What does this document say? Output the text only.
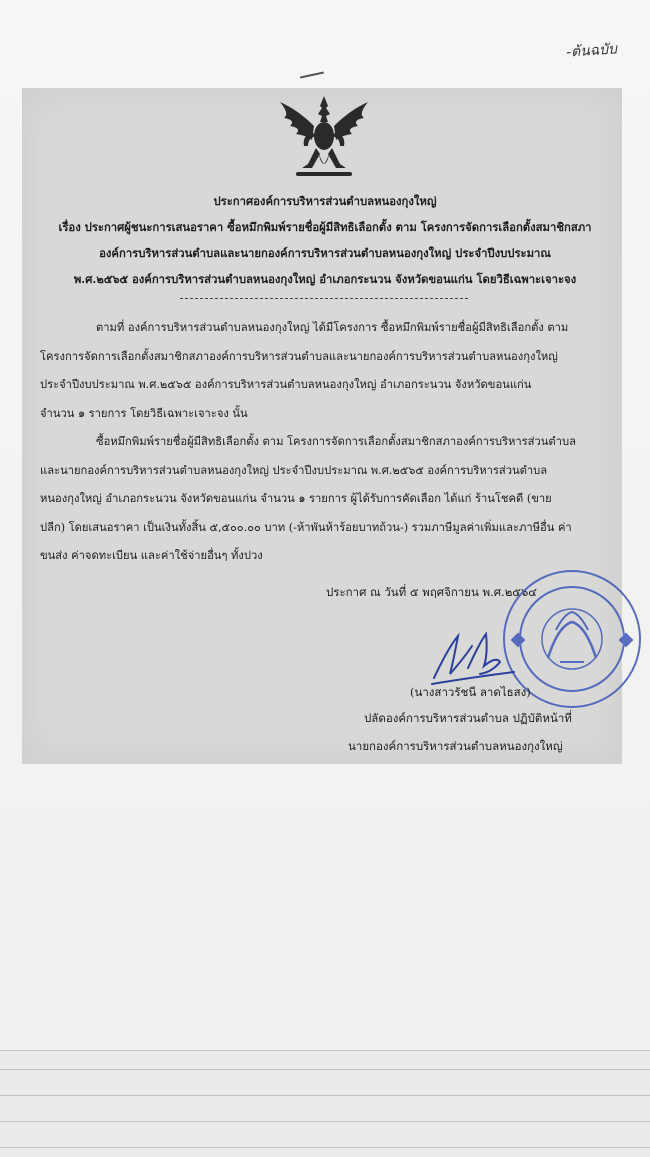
-ต้นฉบับ
ประกาศองค์การบริหารส่วนตำบลหนองกุงใหญ่
เรื่อง ประกาศผู้ชนะการเสนอราคา ซื้อหมึกพิมพ์รายชื่อผู้มีสิทธิเลือกตั้ง ตาม โครงการจัดการเลือกตั้งสมาชิกสภา
องค์การบริหารส่วนตำบลและนายกองค์การบริหารส่วนตำบลหนองกุงใหญ่ ประจำปีงบประมาณ
พ.ศ.๒๕๖๕ องค์การบริหารส่วนตำบลหนองกุงใหญ่ อำเภอกระนวน จังหวัดขอนแก่น โดยวิธีเฉพาะเจาะจง
ตามที่ องค์การบริหารส่วนตำบลหนองกุงใหญ่ ได้มีโครงการ ซื้อหมึกพิมพ์รายชื่อผู้มีสิทธิเลือกตั้ง ตาม
โครงการจัดการเลือกตั้งสมาชิกสภาองค์การบริหารส่วนตำบลและนายกองค์การบริหารส่วนตำบลหนองกุงใหญ่
ประจำปีงบประมาณ พ.ศ.๒๕๖๕ องค์การบริหารส่วนตำบลหนองกุงใหญ่ อำเภอกระนวน จังหวัดขอนแก่น
จำนวน ๑ รายการ โดยวิธีเฉพาะเจาะจง นั้น
ซื้อหมึกพิมพ์รายชื่อผู้มีสิทธิเลือกตั้ง ตาม โครงการจัดการเลือกตั้งสมาชิกสภาองค์การบริหารส่วนตำบล
และนายกองค์การบริหารส่วนตำบลหนองกุงใหญ่ ประจำปีงบประมาณ พ.ศ.๒๕๖๕ องค์การบริหารส่วนตำบล
หนองกุงใหญ่ อำเภอกระนวน จังหวัดขอนแก่น จำนวน ๑ รายการ ผู้ได้รับการคัดเลือก ได้แก่ ร้านโชคดี (ขาย
ปลีก) โดยเสนอราคา เป็นเงินทั้งสิ้น ๕,๕๐๐.๐๐ บาท (-ห้าพันห้าร้อยบาทถ้วน-) รวมภาษีมูลค่าเพิ่มและภาษีอื่น ค่า
ขนส่ง ค่าจดทะเบียน และค่าใช้จ่ายอื่นๆ ทั้งปวง
ประกาศ ณ วันที่ ๕ พฤศจิกายน พ.ศ.๒๕๖๔
(นางสาวรัชนี ลาดไธสง)
ปลัดองค์การบริหารส่วนตำบล ปฏิบัติหน้าที่
นายกองค์การบริหารส่วนตำบลหนองกุงใหญ่
